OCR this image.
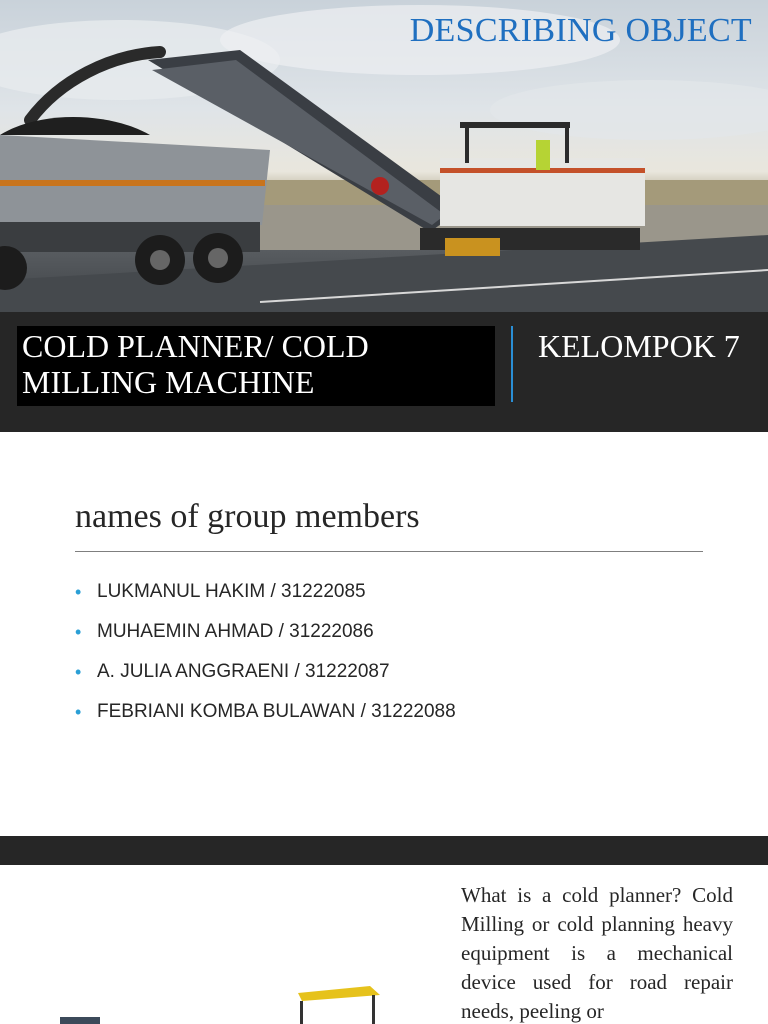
DESCRIBING OBJECT
COLD PLANNER/ COLD MILLING MACHINE
KELOMPOK 7
names of group members
• LUKMANUL HAKIM / 31222085
• MUHAEMIN AHMAD / 31222086
• A. JULIA ANGGRAENI / 31222087
• FEBRIANI KOMBA BULAWAN / 31222088
What is a cold planner? Cold Milling or cold planning heavy equipment is a mechanical device used for road repair needs, peeling or
